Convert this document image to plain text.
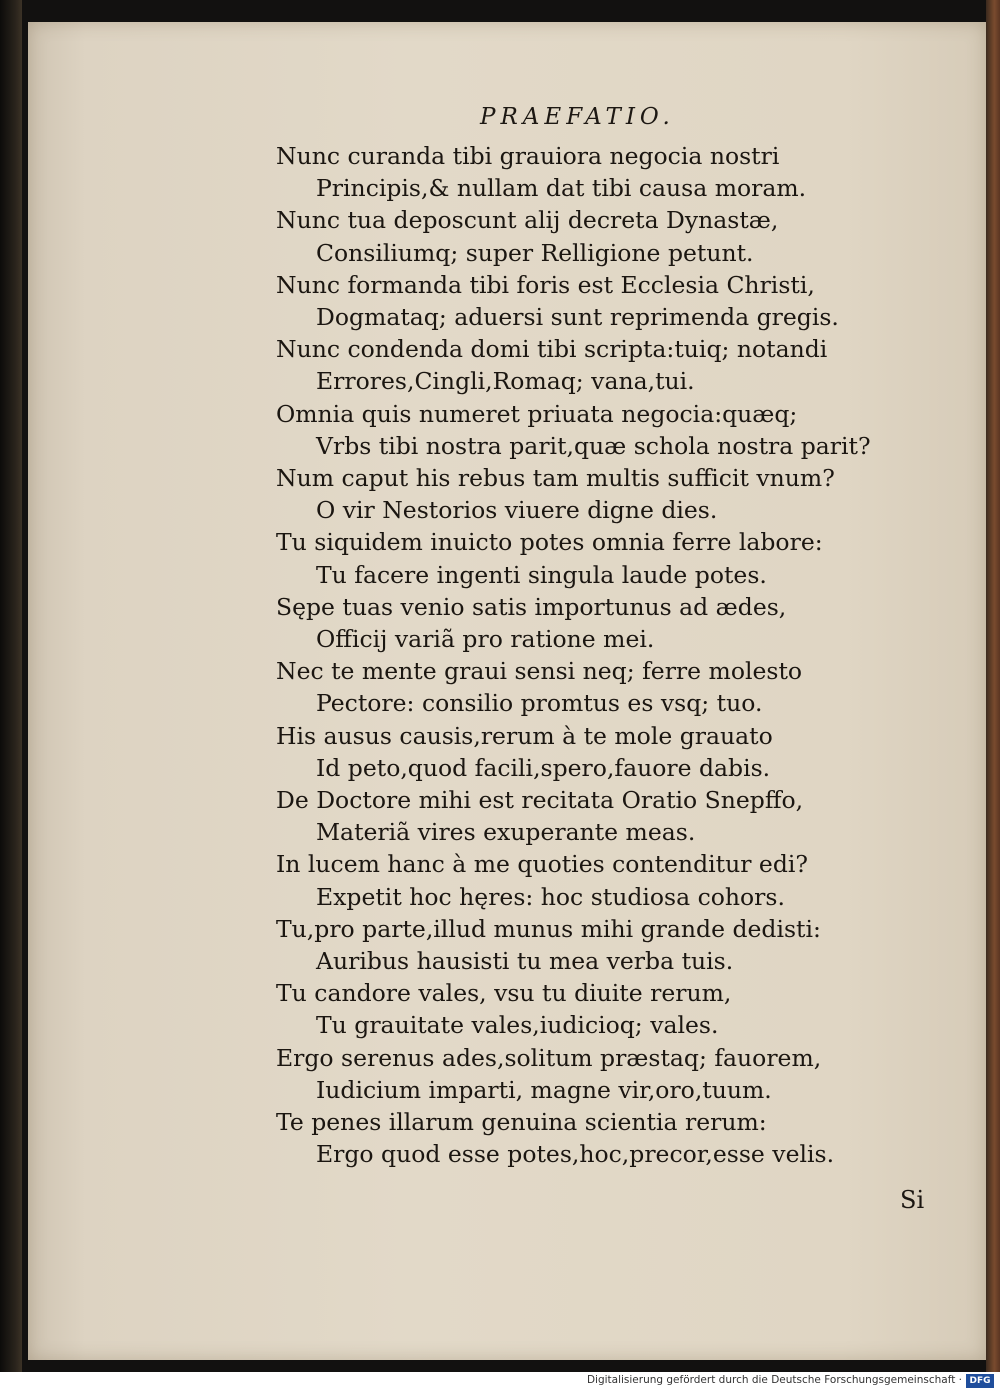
PRAEFATIO.
Nunc curanda tibi grauiora negocia nostri
Principis,& nullam dat tibi causa moram.
Nunc tua deposcunt alij decreta Dynastæ,
Consiliumq; super Relligione petunt.
Nunc formanda tibi foris est Ecclesia Christi,
Dogmataq; aduersi sunt reprimenda gregis.
Nunc condenda domi tibi scripta:tuiq; notandi
Errores,Cingli,Romaq; vana,tui.
Omnia quis numeret priuata negocia:quæq;
Vrbs tibi nostra parit,quæ schola nostra parit?
Num caput his rebus tam multis sufficit vnum?
O vir Nestorios viuere digne dies.
Tu siquidem inuicto potes omnia ferre labore:
Tu facere ingenti singula laude potes.
Sępe tuas venio satis importunus ad ædes,
Officij variã pro ratione mei.
Nec te mente graui sensi neq; ferre molesto
Pectore: consilio promtus es vsq; tuo.
His ausus causis,rerum à te mole grauato
Id peto,quod facili,spero,fauore dabis.
De Doctore mihi est recitata Oratio Snepffo,
Materiã vires exuperante meas.
In lucem hanc à me quoties contenditur edi?
Expetit hoc hęres: hoc studiosa cohors.
Tu,pro parte,illud munus mihi grande dedisti:
Auribus hausisti tu mea verba tuis.
Tu candore vales, vsu tu diuite rerum,
Tu grauitate vales,iudicioq; vales.
Ergo serenus ades,solitum præstaq; fauorem,
Iudicium imparti, magne vir,oro,tuum.
Te penes illarum genuina scientia rerum:
Ergo quod esse potes,hoc,precor,esse velis.
Si
Digitalisierung gefördert durch die Deutsche Forschungsgemeinschaft · DFG
